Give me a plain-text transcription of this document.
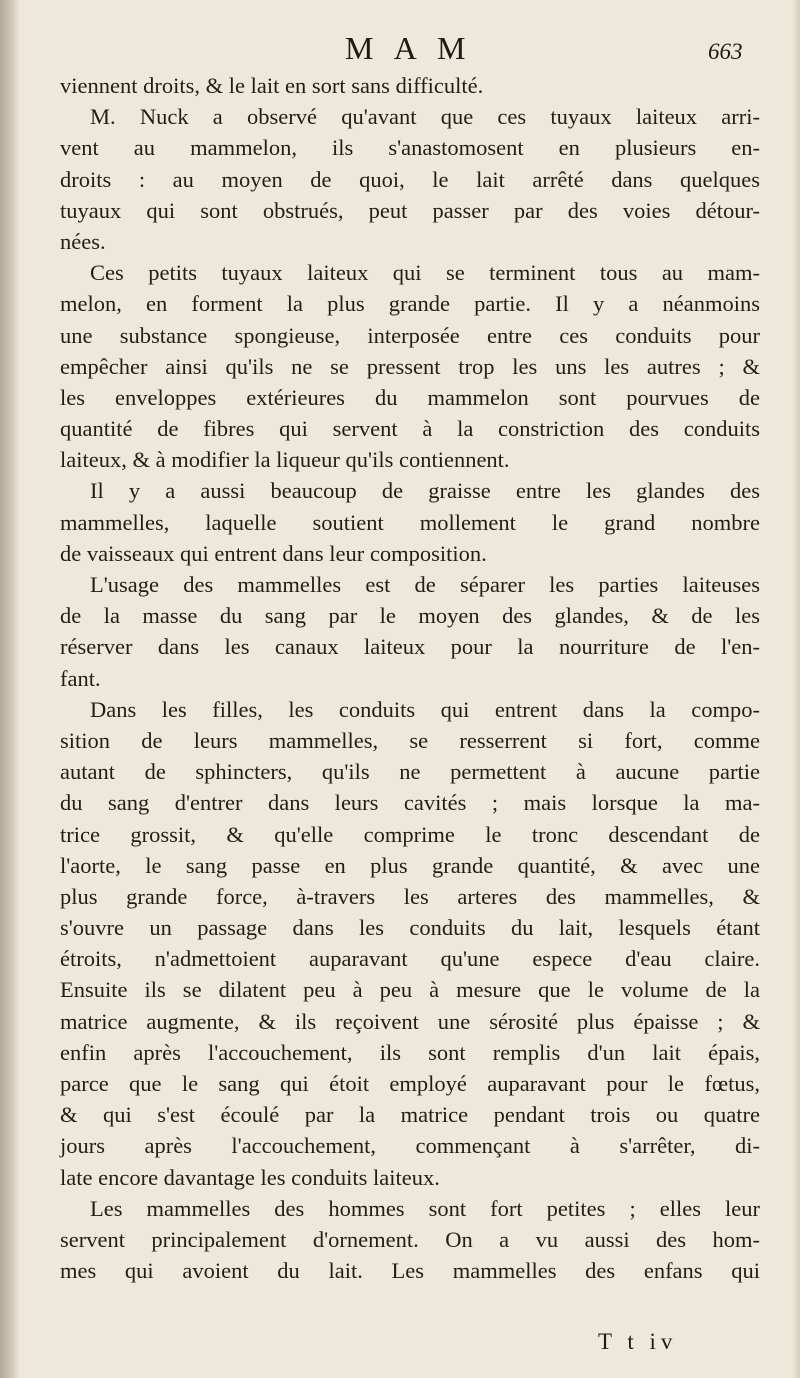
M A M	663
viennent droits, & le lait en sort sans difficulté.
M. Nuck a observé qu'avant que ces tuyaux laiteux arri-
vent au mammelon, ils s'anastomosent en plusieurs en-
droits : au moyen de quoi, le lait arrêté dans quelques
tuyaux qui sont obstrués, peut passer par des voies détour-
nées.
Ces petits tuyaux laiteux qui se terminent tous au mam-
melon, en forment la plus grande partie. Il y a néanmoins
une substance spongieuse, interposée entre ces conduits pour
empêcher ainsi qu'ils ne se pressent trop les uns les autres ; &
les enveloppes extérieures du mammelon sont pourvues de
quantité de fibres qui servent à la constriction des conduits
laiteux, & à modifier la liqueur qu'ils contiennent.
Il y a aussi beaucoup de graisse entre les glandes des
mammelles, laquelle soutient mollement le grand nombre
de vaisseaux qui entrent dans leur composition.
L'usage des mammelles est de séparer les parties laiteuses
de la masse du sang par le moyen des glandes, & de les
réserver dans les canaux laiteux pour la nourriture de l'en-
fant.
Dans les filles, les conduits qui entrent dans la compo-
sition de leurs mammelles, se resserrent si fort, comme
autant de sphincters, qu'ils ne permettent à aucune partie
du sang d'entrer dans leurs cavités ; mais lorsque la ma-
trice grossit, & qu'elle comprime le tronc descendant de
l'aorte, le sang passe en plus grande quantité, & avec une
plus grande force, à-travers les arteres des mammelles, &
s'ouvre un passage dans les conduits du lait, lesquels étant
étroits, n'admettoient auparavant qu'une espece d'eau claire.
Ensuite ils se dilatent peu à peu à mesure que le volume de la
matrice augmente, & ils reçoivent une sérosité plus épaisse ; &
enfin après l'accouchement, ils sont remplis d'un lait épais,
parce que le sang qui étoit employé auparavant pour le fœtus,
& qui s'est écoulé par la matrice pendant trois ou quatre
jours après l'accouchement, commençant à s'arrêter, di-
late encore davantage les conduits laiteux.
Les mammelles des hommes sont fort petites ; elles leur
servent principalement d'ornement. On a vu aussi des hom-
mes qui avoient du lait. Les mammelles des enfans qui
T t iv
